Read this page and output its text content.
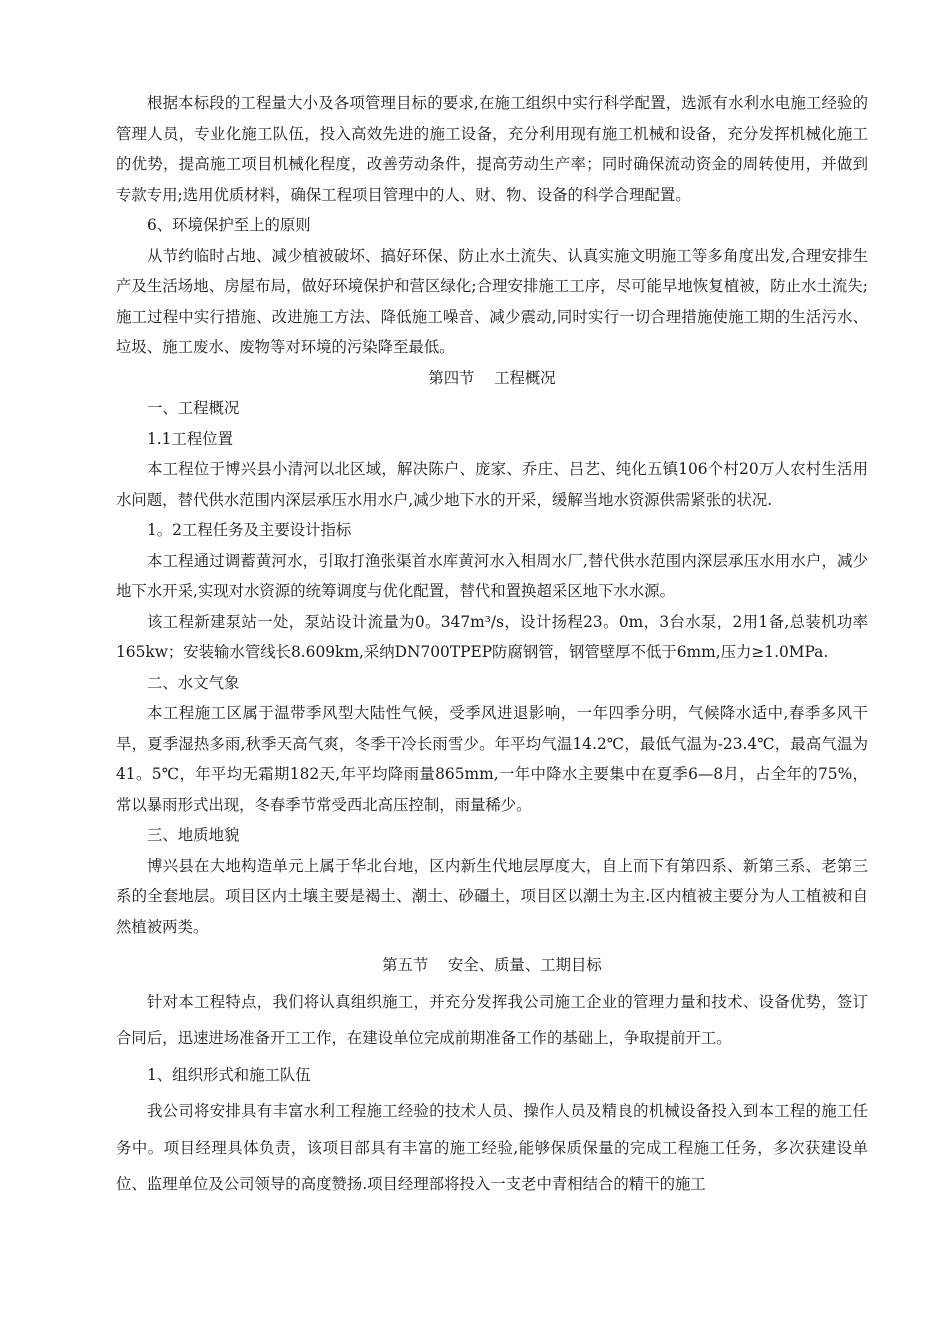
根据本标段的工程量大小及各项管理目标的要求,在施工组织中实行科学配置，选派有水利水电施工经验的管理人员，专业化施工队伍，投入高效先进的施工设备，充分利用现有施工机械和设备，充分发挥机械化施工的优势，提高施工项目机械化程度，改善劳动条件，提高劳动生产率；同时确保流动资金的周转使用，并做到专款专用;选用优质材料，确保工程项目管理中的人、财、物、设备的科学合理配置。

6、环境保护至上的原则

从节约临时占地、减少植被破坏、搞好环保、防止水土流失、认真实施文明施工等多角度出发,合理安排生产及生活场地、房屋布局，做好环境保护和营区绿化;合理安排施工工序，尽可能早地恢复植被，防止水土流失;施工过程中实行措施、改进施工方法、降低施工噪音、减少震动,同时实行一切合理措施使施工期的生活污水、垃圾、施工废水、废物等对环境的污染降至最低。

第四节    工程概况

一、工程概况

1.1工程位置

本工程位于博兴县小清河以北区域，解决陈户、庞家、乔庄、吕艺、纯化五镇106个村20万人农村生活用水问题，替代供水范围内深层承压水用水户,减少地下水的开采，缓解当地水资源供需紧张的状况.

1。2工程任务及主要设计指标

本工程通过调蓄黄河水，引取打渔张渠首水库黄河水入相周水厂,替代供水范围内深层承压水用水户，减少地下水开采,实现对水资源的统筹调度与优化配置，替代和置换超采区地下水水源。

该工程新建泵站一处，泵站设计流量为0。347m³/s，设计扬程23。0m，3台水泵，2用1备,总装机功率165kw；安装输水管线长8.609km,采纳DN700TPEP防腐钢管，钢管壁厚不低于6mm,压力≥1.0MPa.

二、水文气象

本工程施工区属于温带季风型大陆性气候，受季风进退影响，一年四季分明，气候降水适中,春季多风干旱，夏季湿热多雨,秋季天高气爽，冬季干冷长雨雪少。年平均气温14.2℃，最低气温为-23.4℃，最高气温为41。5℃，年平均无霜期182天,年平均降雨量865mm,一年中降水主要集中在夏季6—8月，占全年的75%，常以暴雨形式出现，冬春季节常受西北高压控制，雨量稀少。

三、地质地貌

博兴县在大地构造单元上属于华北台地，区内新生代地层厚度大，自上而下有第四系、新第三系、老第三系的全套地层。项目区内土壤主要是褐土、潮土、砂礓土，项目区以潮土为主.区内植被主要分为人工植被和自然植被两类。

第五节    安全、质量、工期目标

针对本工程特点，我们将认真组织施工，并充分发挥我公司施工企业的管理力量和技术、设备优势，签订合同后，迅速进场准备开工工作，在建设单位完成前期准备工作的基础上，争取提前开工。

1、组织形式和施工队伍

我公司将安排具有丰富水利工程施工经验的技术人员、操作人员及精良的机械设备投入到本工程的施工任务中。项目经理具体负责，该项目部具有丰富的施工经验,能够保质保量的完成工程施工任务，多次获建设单位、监理单位及公司领导的高度赞扬.项目经理部将投入一支老中青相结合的精干的施工
